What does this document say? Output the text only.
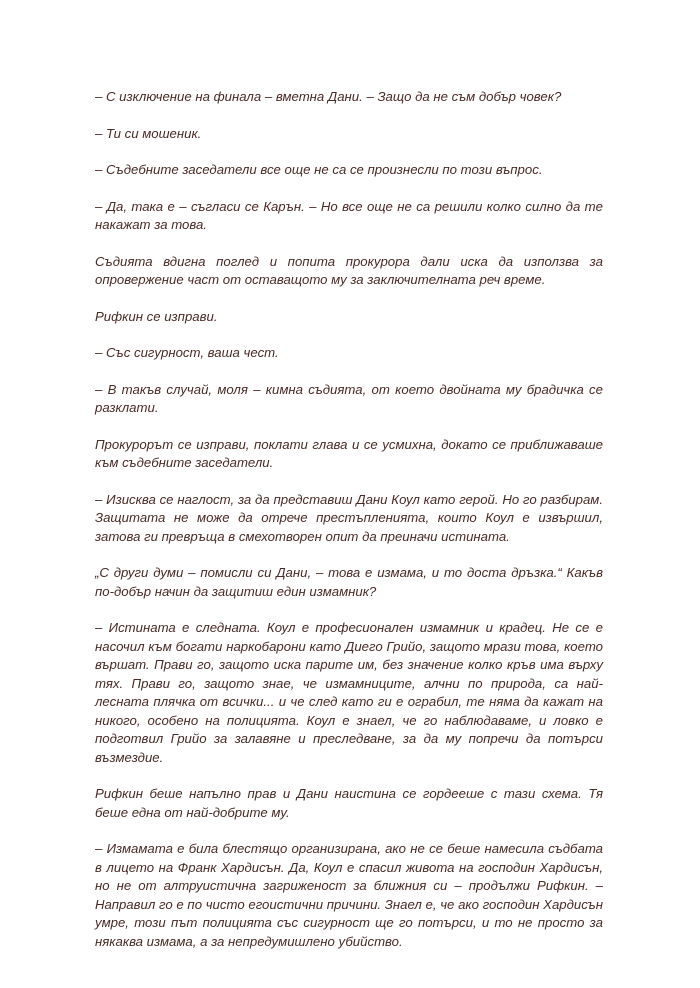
– С изключение на финала – вметна Дани. – Защо да не съм добър човек?

– Ти си мошеник.

– Съдебните заседатели все още не са се произнесли по този въпрос.

– Да, така е – съгласи се Карън. – Но все още не са решили колко силно да те накажат за това.

Съдията вдигна поглед и попита прокурора дали иска да използва за опровержение част от оставащото му за заключителната реч време.

Рифкин се изправи.

– Със сигурност, ваша чест.

– В такъв случай, моля – кимна съдията, от което двойната му брадичка се разклати.

Прокурорът се изправи, поклати глава и се усмихна, докато се приближаваше към съдебните заседатели.

– Изисква се наглост, за да представиш Дани Коул като герой. Но го разбирам. Защитата не може да отрече престъпленията, които Коул е извършил, затова ги превръща в смехотворен опит да преиначи истината.

„С други думи – помисли си Дани, – това е измама, и то доста дръзка.“ Какъв по-добър начин да защитиш един измамник?

– Истината е следната. Коул е професионален измамник и крадец. Не се е насочил към богати наркобарони като Диего Грийо, защото мрази това, което вършат. Прави го, защото иска парите им, без значение колко кръв има върху тях. Прави го, защото знае, че измамниците, алчни по природа, са най-лесната плячка от всички... и че след като ги е ограбил, те няма да кажат на никого, особено на полицията. Коул е знаел, че го наблюдаваме, и ловко е подготвил Грийо за залавяне и преследване, за да му попречи да потърси възмездие.

Рифкин беше напълно прав и Дани наистина се гордееше с тази схема. Тя беше една от най-добрите му.

– Измамата е била блестящо организирана, ако не се беше намесила съдбата в лицето на Франк Хардисън. Да, Коул е спасил живота на господин Хардисън, но не от алтруистична загриженост за ближния си – продължи Рифкин. – Направил го е по чисто егоистични причини. Знаел е, че ако господин Хардисън умре, този път полицията със сигурност ще го потърси, и то не просто за някаква измама, а за непредумишлено убийство.
